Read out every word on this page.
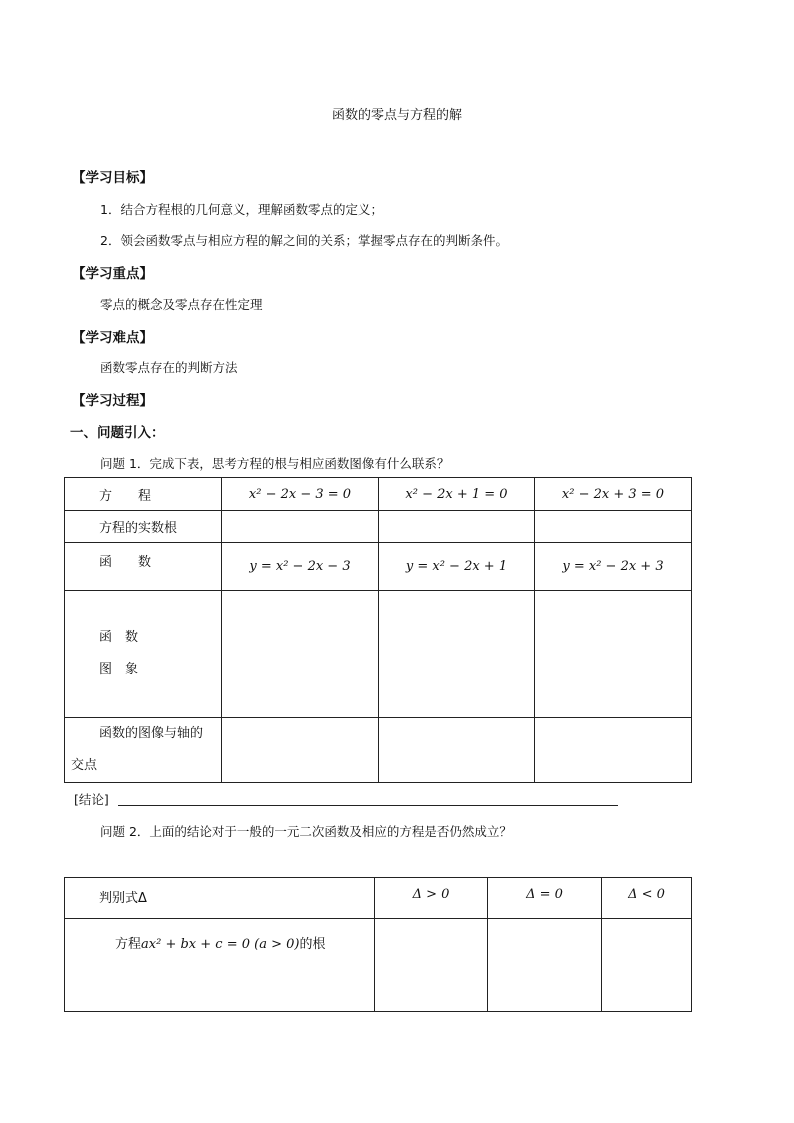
函数的零点与方程的解
【学习目标】
1．结合方程根的几何意义，理解函数零点的定义；
2．领会函数零点与相应方程的解之间的关系；掌握零点存在的判断条件。
【学习重点】
零点的概念及零点存在性定理
【学习难点】
函数零点存在的判断方法
【学习过程】
一、问题引入：
问题 1．完成下表，思考方程的根与相应函数图像有什么联系？
方　　程	x² − 2x − 3 = 0	x² − 2x + 1 = 0	x² − 2x + 3 = 0
方程的实数根			
函　　数	y = x² − 2x − 3	y = x² − 2x + 1	y = x² − 2x + 3

函　数
图　象			

函数的图像与轴的
交点			

[结论]
问题 2．上面的结论对于一般的一元二次函数及相应的方程是否仍然成立？
判别式Δ	Δ > 0	Δ = 0	Δ < 0
方程ax² + bx + c = 0 (a > 0)的根			
